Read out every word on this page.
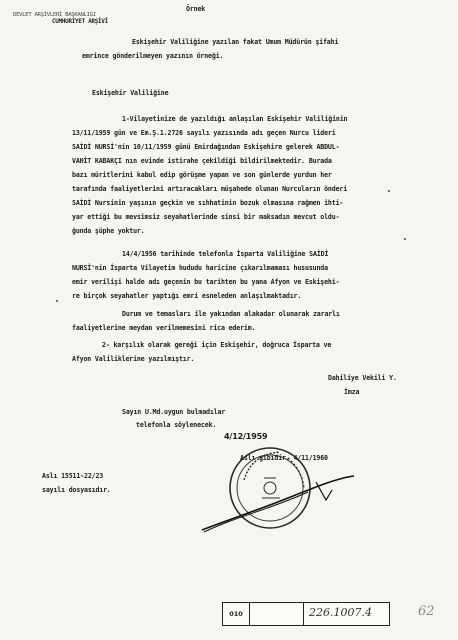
Örnek
DEVLET ARŞİVLERİ BAŞKANLIĞI
CUMHURİYET ARŞİVİ
Eskişehir Valiliğine yazılan fakat Umum Müdürün şifahi
emrince gönderilmeyen yazının örneği.
Eskişehir Valiliğine
1-Vilayetinize de yazıldığı anlaşılan Eskişehir Valiliğinin
13/11/1959 gün ve Em.Ş.1.2726 sayılı yazısında adı geçen Nurcu lideri
SAİDİ NURSİ'nin 10/11/1959 günü Emirdağından Eskişehire gelerek ABDUL-
VAHİT KABAKÇI nın evinde istirahe çekildiği bildirilmektedir. Burada
bazı müritlerini kabul edip görüşme yapan ve son günlerde yurdun her
tarafında faaliyetlerini artıracakları müşahede olunan Nurcuların önderi
SAİDİ Nursinin yaşının geçkin ve sıhhatinin bozuk olmasına rağmen ihti-
yar ettiği bu mevsimsiz seyahatlerinde sinsi bir maksadın mevcut oldu-
ğunda şüphe yoktur.
14/4/1956 tarihinde telefonla İsparta Valiliğine SAİDİ
NURSİ'nin İsparta Vilayetim hududu haricine çıkarılmaması hususunda
emir verilişi halde adı geçenin bu tarihten bu yana Afyon ve Eskişehi-
re birçok seyahatler yaptığı emri esneleden anlaşılmaktadır.
Durum ve temasları ile yakından alakadar olunarak zararlı
faaliyetlerine meydan verilmemesini rica ederim.
2- karşılık olarak gereği için Eskişehir, doğruca İsparta ve
Afyon Valiliklerine yazılmıştır.
Dahiliye Vekili Y.
İmza
Sayın U.Md.uygun bulmadılar
telefonla söylenecek.
4/12/1959
Aslı gibidir. 4/11/1960
Aslı 15511-22/23
sayılı dosyasıdır.
010	226.1007.4	62
